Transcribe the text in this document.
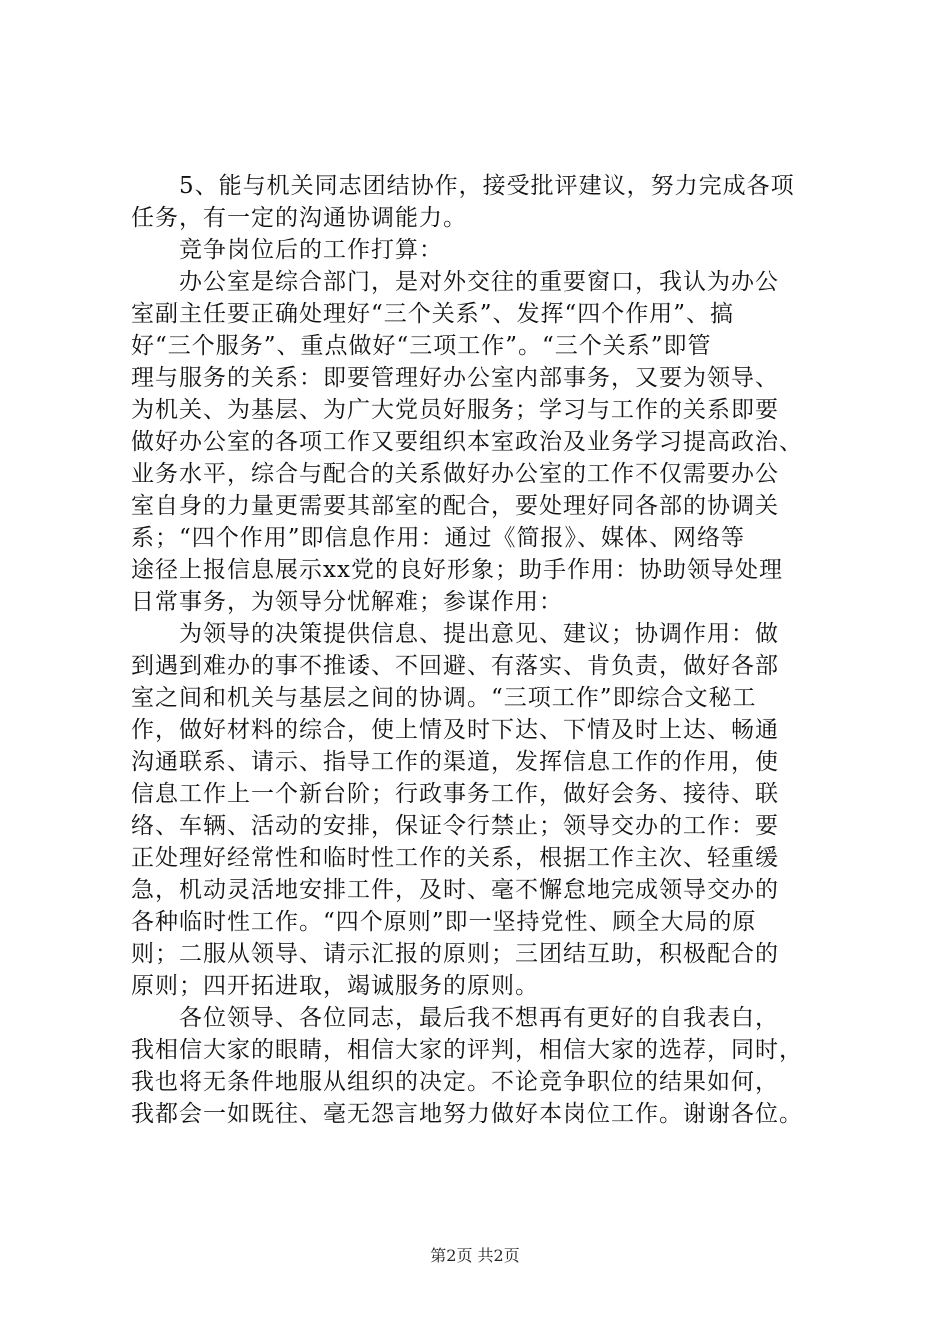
5、能与机关同志团结协作，接受批评建议，努力完成各项
任务，有一定的沟通协调能力。
竞争岗位后的工作打算：
办公室是综合部门，是对外交往的重要窗口，我认为办公
室副主任要正确处理好“三个关系”、发挥“四个作用”、搞
好“三个服务”、重点做好“三项工作”。“三个关系”即管
理与服务的关系：即要管理好办公室内部事务，又要为领导、
为机关、为基层、为广大党员好服务；学习与工作的关系即要
做好办公室的各项工作又要组织本室政治及业务学习提高政治、
业务水平，综合与配合的关系做好办公室的工作不仅需要办公
室自身的力量更需要其部室的配合，要处理好同各部的协调关
系；“四个作用”即信息作用：通过《简报》、媒体、网络等
途径上报信息展示xx党的良好形象；助手作用：协助领导处理
日常事务，为领导分忧解难；参谋作用：
为领导的决策提供信息、提出意见、建议；协调作用：做
到遇到难办的事不推诿、不回避、有落实、肯负责，做好各部
室之间和机关与基层之间的协调。“三项工作”即综合文秘工
作，做好材料的综合，使上情及时下达、下情及时上达、畅通
沟通联系、请示、指导工作的渠道，发挥信息工作的作用，使
信息工作上一个新台阶；行政事务工作，做好会务、接待、联
络、车辆、活动的安排，保证令行禁止；领导交办的工作：要
正处理好经常性和临时性工作的关系，根据工作主次、轻重缓
急，机动灵活地安排工件，及时、毫不懈怠地完成领导交办的
各种临时性工作。“四个原则”即一坚持党性、顾全大局的原
则；二服从领导、请示汇报的原则；三团结互助，积极配合的
原则；四开拓进取，竭诚服务的原则。
各位领导、各位同志，最后我不想再有更好的自我表白，
我相信大家的眼睛，相信大家的评判，相信大家的选荐，同时，
我也将无条件地服从组织的决定。不论竞争职位的结果如何，
我都会一如既往、毫无怨言地努力做好本岗位工作。谢谢各位。
第2页 共2页
